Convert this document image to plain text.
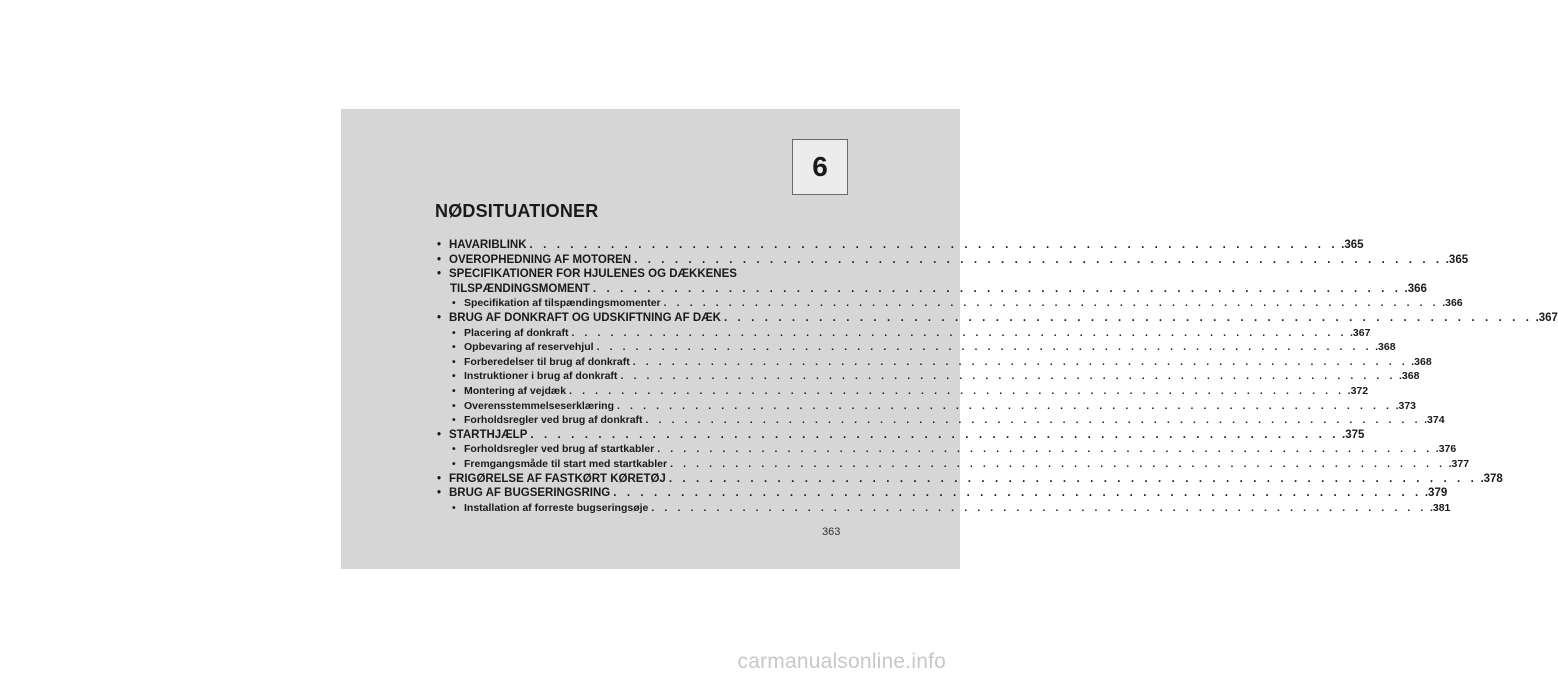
6
NØDSITUATIONER
• HAVARIBLINK . . . . . . . . . . . . . . . . . . . . . . . . . . . . . . . . . . . . . . . . . . . . . . . . . . . . . . . . . . . . .365
• OVEROPHEDNING AF MOTOREN . . . . . . . . . . . . . . . . . . . . . . . . . . . . . . . . . . . . . . . . . . . . . . . . . . . . . . . . . . . . .365
• SPECIFIKATIONER FOR HJULENES OG DÆKKENES
TILSPÆNDINGSMOMENT . . . . . . . . . . . . . . . . . . . . . . . . . . . . . . . . . . . . . . . . . . . . . . . . . . . . . . . . . . . . .366
• Specifikation af tilspændingsmomenter . . . . . . . . . . . . . . . . . . . . . . . . . . . . . . . . . . . . . . . . . . . . . . . . . . . . . . . . . . . . .366
• BRUG AF DONKRAFT OG UDSKIFTNING AF DÆK . . . . . . . . . . . . . . . . . . . . . . . . . . . . . . . . . . . . . . . . . . . . . . . . . . . . . . . . . . . . .367
• Placering af donkraft . . . . . . . . . . . . . . . . . . . . . . . . . . . . . . . . . . . . . . . . . . . . . . . . . . . . . . . . . . . . .367
• Opbevaring af reservehjul . . . . . . . . . . . . . . . . . . . . . . . . . . . . . . . . . . . . . . . . . . . . . . . . . . . . . . . . . . . . .368
• Forberedelser til brug af donkraft . . . . . . . . . . . . . . . . . . . . . . . . . . . . . . . . . . . . . . . . . . . . . . . . . . . . . . . . . . . . .368
• Instruktioner i brug af donkraft . . . . . . . . . . . . . . . . . . . . . . . . . . . . . . . . . . . . . . . . . . . . . . . . . . . . . . . . . . . . .368
• Montering af vejdæk . . . . . . . . . . . . . . . . . . . . . . . . . . . . . . . . . . . . . . . . . . . . . . . . . . . . . . . . . . . . .372
• Overensstemmelseserklæring . . . . . . . . . . . . . . . . . . . . . . . . . . . . . . . . . . . . . . . . . . . . . . . . . . . . . . . . . . . . .373
• Forholdsregler ved brug af donkraft . . . . . . . . . . . . . . . . . . . . . . . . . . . . . . . . . . . . . . . . . . . . . . . . . . . . . . . . . . . . .374
• STARTHJÆLP . . . . . . . . . . . . . . . . . . . . . . . . . . . . . . . . . . . . . . . . . . . . . . . . . . . . . . . . . . . . .375
• Forholdsregler ved brug af startkabler . . . . . . . . . . . . . . . . . . . . . . . . . . . . . . . . . . . . . . . . . . . . . . . . . . . . . . . . . . . . .376
• Fremgangsmåde til start med startkabler . . . . . . . . . . . . . . . . . . . . . . . . . . . . . . . . . . . . . . . . . . . . . . . . . . . . . . . . . . . . .377
• FRIGØRELSE AF FASTKØRT KØRETØJ . . . . . . . . . . . . . . . . . . . . . . . . . . . . . . . . . . . . . . . . . . . . . . . . . . . . . . . . . . . . .378
• BRUG AF BUGSERINGSRING . . . . . . . . . . . . . . . . . . . . . . . . . . . . . . . . . . . . . . . . . . . . . . . . . . . . . . . . . . . . .379
• Installation af forreste bugseringsøje . . . . . . . . . . . . . . . . . . . . . . . . . . . . . . . . . . . . . . . . . . . . . . . . . . . . . . . . . . . . .381
363
carmanualsonline.info
